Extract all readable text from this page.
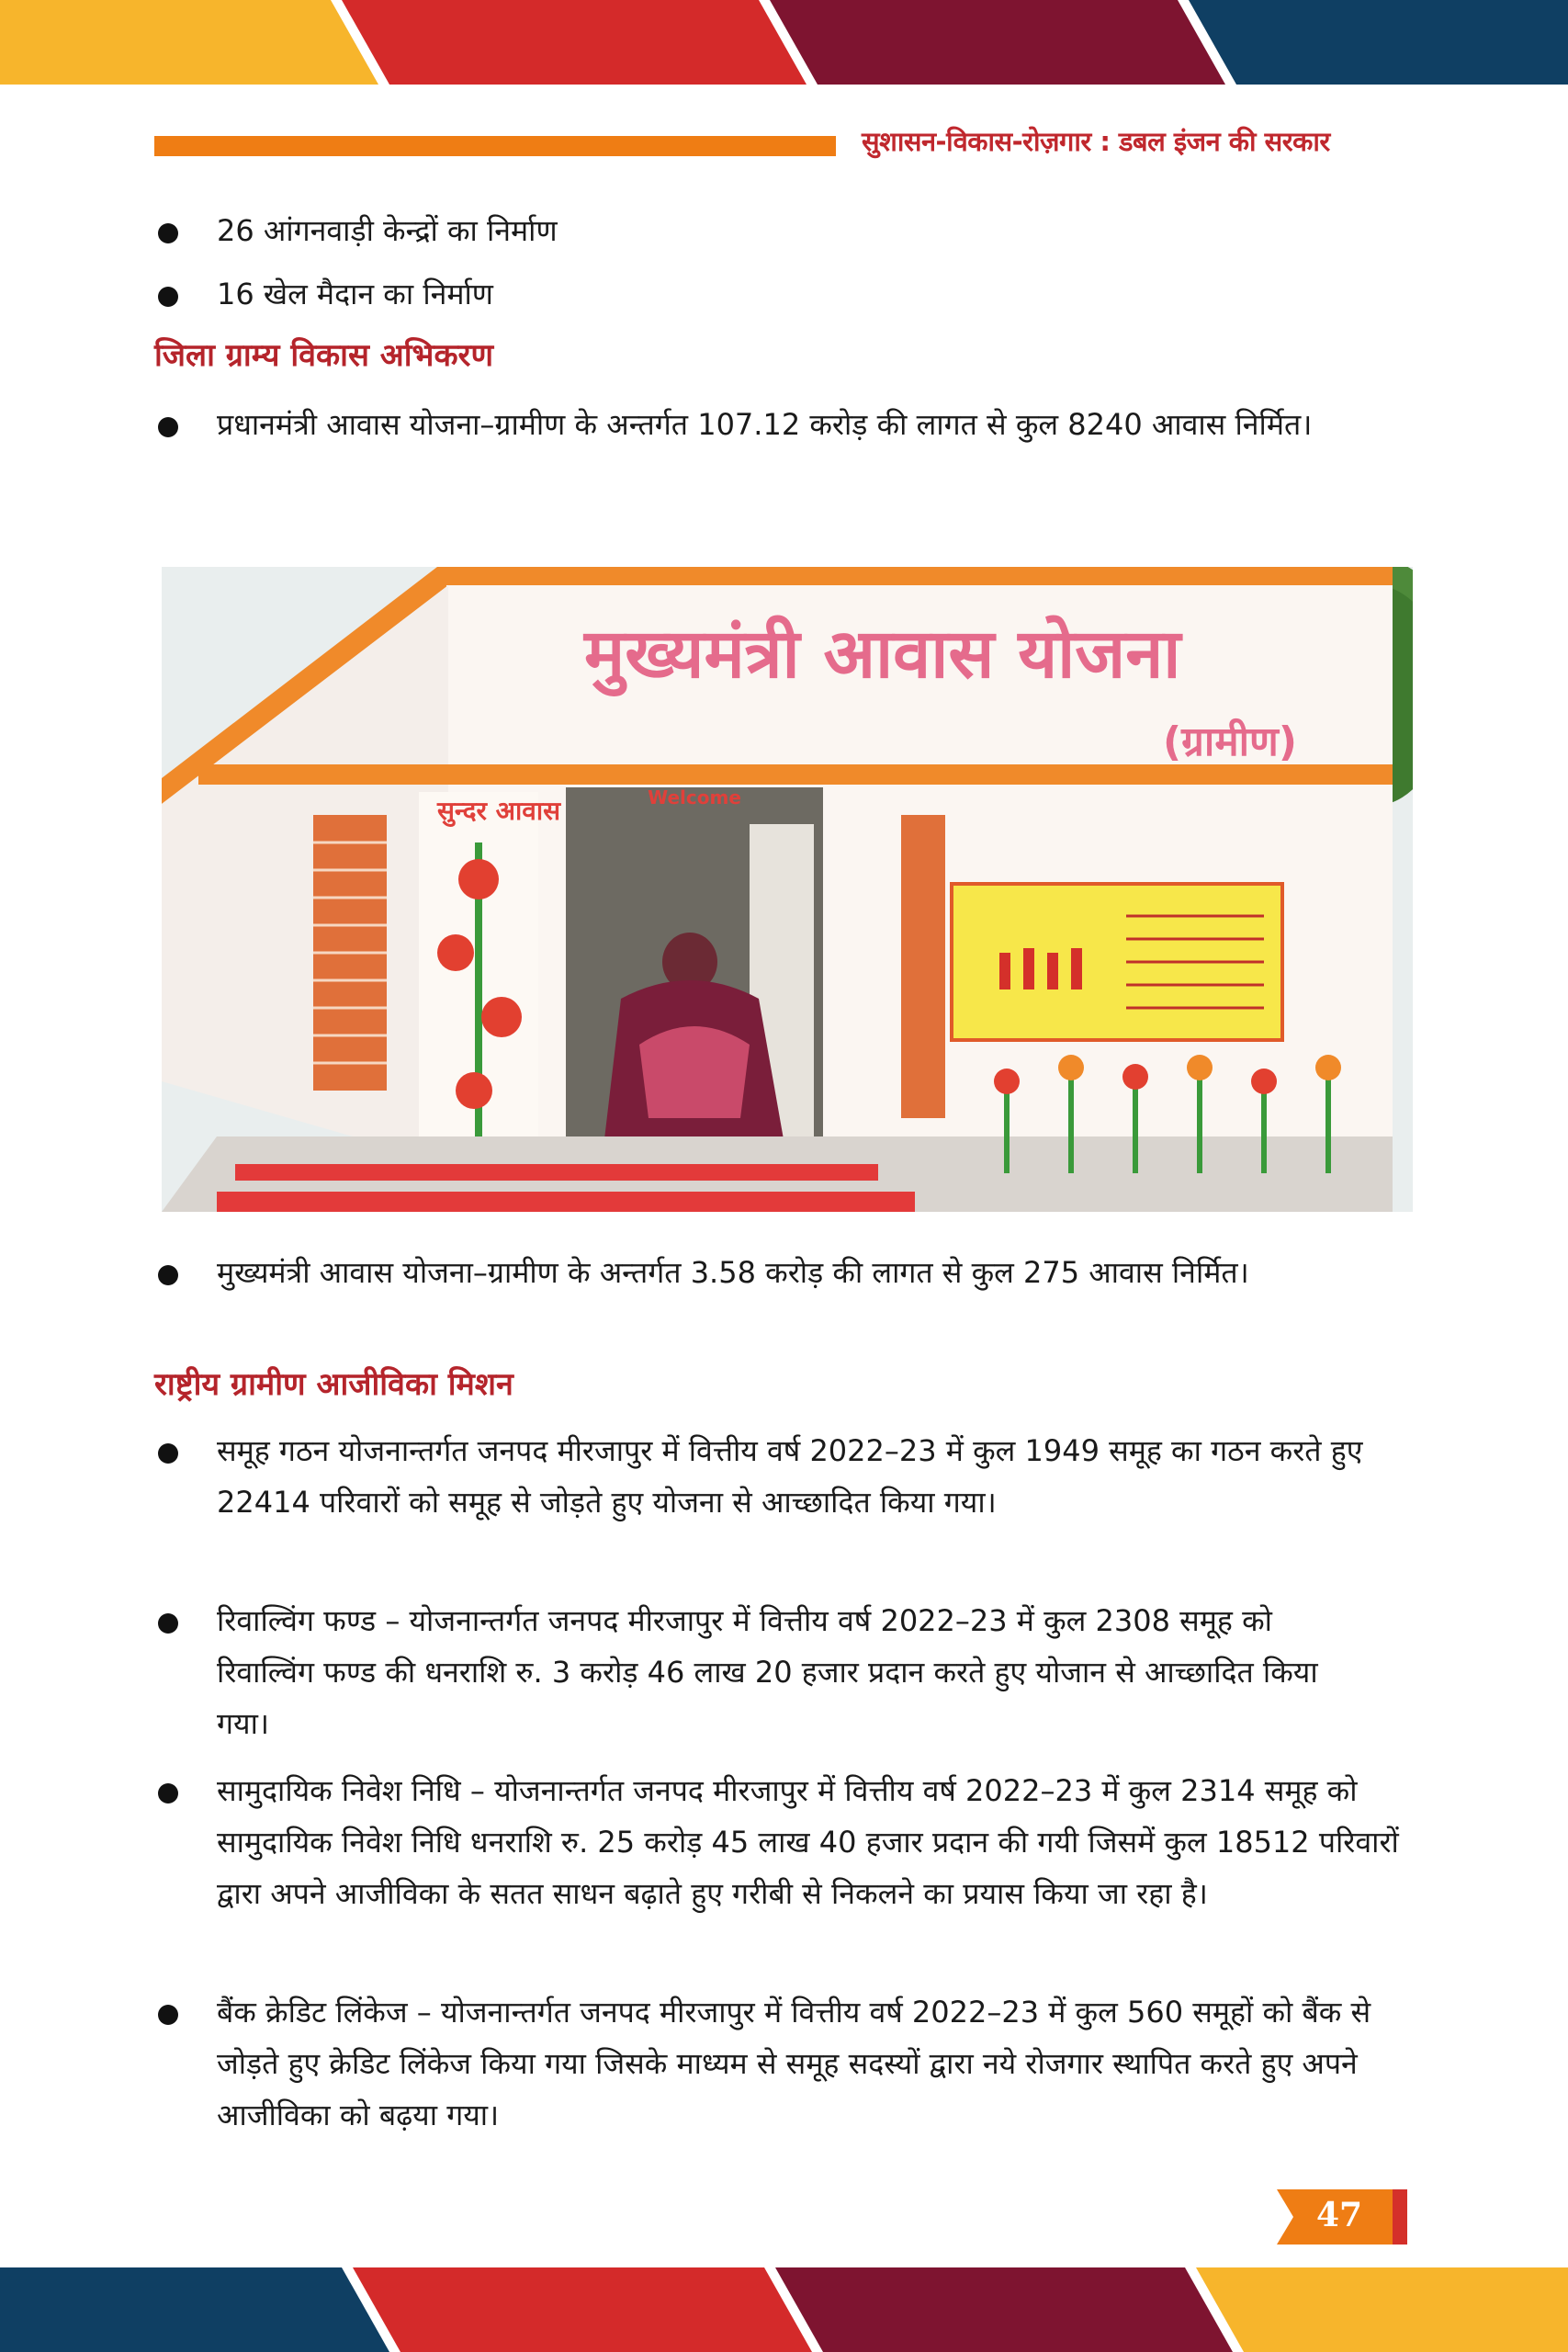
सुशासन-विकास-रोज़गार : डबल इंजन की सरकार
26 आंगनवाड़ी केन्द्रों का निर्माण
16 खेल मैदान का निर्माण
जिला ग्राम्य विकास अभिकरण
प्रधानमंत्री आवास योजना–ग्रामीण के अन्तर्गत 107.12 करोड़ की लागत से कुल 8240 आवास निर्मित।
मुख्यमंत्री आवास योजना
(ग्रामीण)
सुन्दर आवास	Welcome
मुख्यमंत्री आवास योजना–ग्रामीण के अन्तर्गत 3.58 करोड़ की लागत से कुल 275 आवास निर्मित।
राष्ट्रीय ग्रामीण आजीविका मिशन
समूह गठन योजनान्तर्गत जनपद मीरजापुर में वित्तीय वर्ष 2022–23 में कुल 1949 समूह का गठन करते हुए 22414 परिवारों को समूह से जोड़ते हुए योजना से आच्छादित किया गया।
रिवाल्विंग फण्ड – योजनान्तर्गत जनपद मीरजापुर में वित्तीय वर्ष 2022–23 में कुल 2308 समूह को रिवाल्विंग फण्ड की धनराशि रु. 3 करोड़ 46 लाख 20 हजार प्रदान करते हुए योजान से आच्छादित किया गया।
सामुदायिक निवेश निधि – योजनान्तर्गत जनपद मीरजापुर में वित्तीय वर्ष 2022–23 में कुल 2314 समूह को सामुदायिक निवेश निधि धनराशि रु. 25 करोड़ 45 लाख 40 हजार प्रदान की गयी जिसमें कुल 18512 परिवारों द्वारा अपने आजीविका के सतत साधन बढ़ाते हुए गरीबी से निकलने का प्रयास किया जा रहा है।
बैंक क्रेडिट लिंकेज – योजनान्तर्गत जनपद मीरजापुर में वित्तीय वर्ष 2022–23 में कुल 560 समूहों को बैंक से जोड़ते हुए क्रेडिट लिंकेज किया गया जिसके माध्यम से समूह सदस्यों द्वारा नये रोजगार स्थापित करते हुए अपने आजीविका को बढ़या गया।
47
